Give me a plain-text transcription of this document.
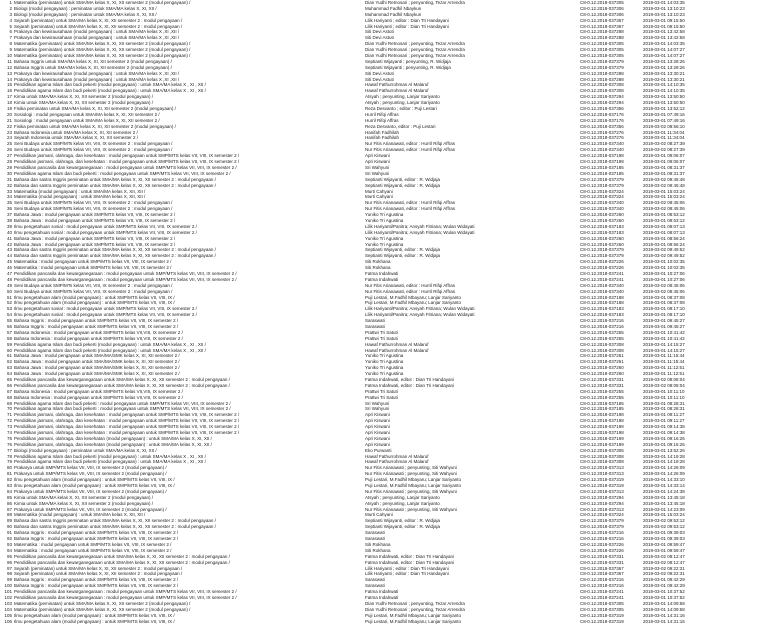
1 Matematika (peminatan) untuk SMA/MA kelas X, XI, XII semester 2 (modul pengayaan) /	Dian Yudhi Retnosari ; penyunting, Tezar Arrendra	C8-0.12.2018-037305	2019-03-01 14:03:35
2 Biologi (modul pengayaan) : peminatan untuk SMA/MA kelas X, XI, XII /	Muhammad Fadhil Nbaykun	C8-0.12.2018-037306	2019-03-01 13:10:23
3 Biologi (modul pengayaan) : peminatan untuk SMA/MA kelas X, XI, XII /	Muhammad Fadhil Nbaykun	C8-0.12.2018-037306	2019-03-01 13:10:23
4 Sejarah (peminatan) untuk SMA/MA kelas X, XI, XII semester 2 : modul pengayaan /	Lilik Hariyanti ; editor : Dian Tri Handayani	C8-0.12.2018-037367	2019-03-01 09:15:50
5 Sejarah (peminatan) untuk SMA/MA kelas X, XI, XII semester 2 : modul pengayaan /	Lilik Hariyanti ; editor : Dian Tri Handayani	C8-0.12.2018-037367	2019-03-01 09:15:50
6 Prakarya dan kewirausahaan (modul pengayaan) : untuk SMA/MA kelas X ,XI ,XII /	Siti Devi Astuti	C8-0.12.2018-037288	2019-03-01 13:42:58
7 Prakarya dan kewirausahaan (modul pengayaan) : untuk SMA/MA kelas X ,XI ,XII /	Siti Devi Astuti	C8-0.12.2018-037288	2019-03-01 13:42:58
8 Matematika (peminatan) untuk SMA/MA kelas X, XI, XII semester 2 (modul pengayaan) /	Dian Yudhi Retnosari ; penyunting, Tezar Arrendra	C8-0.12.2018-037305	2019-03-01 14:03:35
9 Matematika (peminatan) untuk SMA/MA kelas X, XI, XII semester 2 (modul pengayaan) /	Dian Yudhi Retnosari ; penyunting, Tezar Arrendra	C8-0.12.2018-037305	2019-03-01 14:07:27
10 Matematika (peminatan) untuk SMA/MA kelas X, XI, XII semester 2 (modul pengayaan) /	Dian Yudhi Retnosari ; penyunting, Tezar Arrendra	C8-0.12.2018-037305	2019-03-01 14:07:27
11 Bahasa Inggris untuk SMA/MA kelas X, XI, XII semester 2 (modul pengayaan) /	Septianti Wijayanti ; penyunting, R. Widjaja	C8-0.12.2018-037379	2019-03-01 13:28:26
12 Bahasa Inggris untuk SMA/MA kelas X, XI, XII semester 2 (modul pengayaan) /	Septianti Wijayanti ; penyunting, R. Widjaja	C8-0.12.2018-037379	2019-03-01 13:28:26
13 Prakarya dan kewirausahaan (modul pengayaan) : untuk SMA/MA kelas X ,XI ,XII /	Siti Devi Astuti	C8-0.12.2018-037288	2019-03-01 13:30:21
14 Prakarya dan kewirausahaan (modul pengayaan) : untuk SMA/MA kelas X ,XI ,XII /	Siti Devi Astuti	C8-0.12.2018-037288	2019-03-01 13:30:21
15 Pendidikan agama Islam dan budi pekerti (modul pengayaan) : untuk SMA/MA kelas X , XI , XII /	Hawaf Fathurrohman Al Malaruf	C8-0.12.2018-037308	2019-03-01 14:10:35
16 Pendidikan agama Islam dan budi pekerti (modul pengayaan) : untuk SMA/MA kelas X , XI , XII /	Hawaf Fathurrohman Al Malaruf	C8-0.12.2018-037308	2019-03-01 14:10:35
17 Kimia untuk SMA/MA kelas X, XI, XII semester 2 (modul pengayaan) /	Atsyah ; penyunting, Lanjar Sariyanto	C8-0.12.2018-037294	2019-03-01 13:50:50
18 Kimia untuk SMA/MA kelas X, XI, XII semester 2 (modul pengayaan) /	Atsyah ; penyunting, Lanjar Sariyanto	C8-0.12.2018-037294	2019-03-01 13:50:50
19 Fisika peminatan untuk SMA/MA kelas X, XI, XII semester 2 (modul pengayaan) /	Reza Desvanto ; editor : Puji Lestari	C8-0.12.2018-037356	2019-03-01 13:52:12
20 Sosiologi : modul pengayaan untuk SMA/MA kelas X, XI, XII semester 2 /	Hurril Rifqi Affras	C8-0.12.2018-037176	2019-03-01 07:49:16
21 Sosiologi : modul pengayaan untuk SMA/MA kelas X, XI, XII semester 2 /	Hurril Rifqi Affras	C8-0.12.2018-037176	2019-03-01 07:49:16
22 Fisika peminatan untuk SMA/MA kelas X, XI, XII semester 2 (modul pengayaan) /	Reza Desvanto, editor : Puji Lestari	C8-0.12.2018-037356	2019-03-02 08:56:10
23 Bahasa Indonesia untuk SMA/MA kelas X, XI, XII semester 2 /	Hanifah Fadhilah	C8-0.12.2018-037276	2019-03-01 11:34:04
24 Sejarah Indonesia untuk SMA/MA kelas X, XI, XII semester 2 /	Hanifah Fadhilah	C8-0.12.2018-037276	2019-03-01 11:34:04
25 Seni Budaya untuk SMP/MTs kelas VII, VIII, IX semester 2 : modul pengayaan /	Nur Fitis Arianawati, editor : Hurril Rifqi Affras	C8-0.12.2018-037340	2019-03-02 08:27:39
26 Seni Budaya untuk SMP/MTs kelas VII, VIII, IX semester 2 : modul pengayaan /	Nur Fitis Arianawati, editor : Hurril Rifqi Affras	C8-0.12.2018-037340	2019-03-02 08:27:39
27 Pendidikan jasmani, olahraga, dan kesehatan : modul pengayaan untuk SMP/MTS kelas VII, VIII, IX semester 2 /	Apri Kiswani	C8-0.12.2018-037198	2019-03-01 09:06:07
28 Pendidikan jasmani, olahraga, dan kesehatan : modul pengayaan untuk SMP/MTS kelas VII, VIII, IX semester 2 /	Apri Kiswani	C8-0.12.2018-037198	2019-03-01 09:06:07
29 Pendidikan pancasila dan kewarganegaraan : modul pengayaan untuk SMP/MTS kelas VII, VIII, IX semester 2 /	Sri Wahyuni	C8-0.12.2018-037185	2019-03-01 08:31:37
30 Pendidikan agama Islam dan budi pekerti : modul pengayaan untuk SMP/MTS kelas VII, VIII, IX semester 2 /	Sri Wahyuni	C8-0.12.2018-037185	2019-03-01 08:31:37
31 Bahasa dan sastra Inggris peminatan untuk SMA/MA kelas X, XI, XII semester 2 : modul pengayaan /	Septianti Wijayanti, editor : R. Widjaja	C8-0.12.2018-037379	2019-03-02 09:45:48
32 Bahasa dan sastra Inggris peminatan untuk SMA/MA kelas X, XI, XII semester 2 : modul pengayaan /	Septianti Wijayanti, editor : R. Widjaja	C8-0.12.2018-037379	2019-03-02 09:45:48
33 Matematika (modul pengayaan) : untuk SMA/MA kelas X, XII, XII /	Murti Cahyani	C8-0.12.2018-037324	2019-03-01 15:03:24
34 Matematika (modul pengayaan) : untuk SMA/MA kelas X, XII, XII /	Murti Cahyani	C8-0.12.2018-037324	2019-03-01 15:03:24
35 Seni Budaya untuk SMP/MTs kelas VII, VIII, IX semester 2 : modul pengayaan /	Nur Fitis Arianawati, editor : Hurril Rifqi Affras	C8-0.12.2018-037340	2019-03-02 08:45:06
36 Seni Budaya untuk SMP/MTs kelas VII, VIII, IX semester 2 : modul pengayaan /	Nur Fitis Arianawati, editor : Hurril Rifqi Affras	C8-0.12.2018-037340	2019-03-02 08:45:06
37 Bahasa Jawa : modul pengayaan untuk SMP/MTS kelas VII, VIII, IX semester 2 /	Yuniko Tri Agustina	C8-0.12.2018-037260	2019-03-01 08:53:12
38 Bahasa Jawa : modul pengayaan untuk SMP/MTS kelas VII, VIII, IX semester 2 /	Yuniko Tri Agustina	C8-0.12.2018-037260	2019-03-01 08:53:12
39 Ilmu pengetahuan sosial : modul pengayaan untuk SMP/MTS kelas VII, VIII, IX semester 2 /	Lilik Hariyanti/Panitra; Ansyah Fitriana; Wulan Widayati	C8-0.12.2018-037183	2019-03-01 08:07:13
40 Ilmu pengetahuan sosial : modul pengayaan untuk SMP/MTS kelas VII, VIII, IX semester 2 /	Lilik Hariyanti/Panitra; Ansyah Fitriana; Wulan Widayati	C8-0.12.2018-037183	2019-03-01 08:07:13
41 Bahasa Jawa : modul pengayaan untuk SMP/MTS kelas VII, VIII, IX semester 2 /	Yuniko Tri Agustina	C8-0.12.2018-037260	2019-03-01 08:56:24
42 Bahasa Jawa : modul pengayaan untuk SMP/MTS kelas VII, VIII, IX semester 2 /	Yuniko Tri Agustina	C8-0.12.2018-037260	2019-03-01 08:56:24
43 Bahasa dan sastra Inggris peminatan untuk SMA/MA kelas X, XI, XII semester 2 : modul pengayaan /	Septianti Wijayanti, editor : R. Widjaja	C8-0.12.2018-037379	2019-03-02 09:49:52
44 Bahasa dan sastra Inggris peminatan untuk SMA/MA kelas X, XI, XII semester 2 : modul pengayaan /	Septianti Wijayanti, editor : R. Widjaja	C8-0.12.2018-037379	2019-03-02 09:49:52
45 Matematika : modul pengayaan untuk SMP/MTS kelas VII, VIII, IX semester 2 /	Siti Rokhana	C8-0.12.2018-037226	2019-03-01 10:02:35
46 Matematika : modul pengayaan untuk SMP/MTS kelas VII, VIII, IX semester 2 /	Siti Rokhana	C8-0.12.2018-037226	2019-03-01 10:02:35
47 Pendidikan pancasila dan kewarganegaraan : modul pengayaan untuk SMP/MTS kelas VII, VIII, IX semester 2 /	Fatma Indahwati	C8-0.12.2018-037241	2019-03-01 10:27:06
48 Pendidikan pancasila dan kewarganegaraan : modul pengayaan untuk SMP/MTS kelas VII, VIII, IX semester 2 /	Fatma Indahwati	C8-0.12.2018-037241	2019-03-01 10:27:06
49 Seni Budaya untuk SMP/MTs kelas VII, VIII, IX semester 2 : modul pengayaan /	Nur Fitis Arianawati, editor : Hurril Rifqi Affras	C8-0.12.2018-037340	2019-03-02 08:45:06
50 Seni Budaya untuk SMP/MTs kelas VII, VIII, IX semester 2 : modul pengayaan /	Nur Fitis Arianawati, editor : Hurril Rifqi Affras	C8-0.12.2018-037340	2019-03-02 08:45:06
51 Ilmu pengetahuan alam (modul pengayaan) : untuk SMP/MTS kelas VII, VIII, IX /	Puji Lestari, M.Fadhil Mbayaru; Lanjar Sariyanto	C8-0.12.2018-037188	2019-03-01 08:37:08
52 Ilmu pengetahuan alam (modul pengayaan) : untuk SMP/MTS kelas VII, VIII, IX /	Puji Lestari, M.Fadhil Mbayaru; Lanjar Sariyanto	C8-0.12.2018-037188	2019-03-01 08:37:08
53 Ilmu pengetahuan sosial : modul pengayaan untuk SMP/MTS kelas VII, VIII, IX semester 2 /	Lilik Hariyanti/Panitra; Ansyah Fitriana; Wulan Widayati	C8-0.12.2018-037183	2019-03-01 08:17:10
54 Ilmu pengetahuan sosial : modul pengayaan untuk SMP/MTS kelas VII, VIII, IX semester 2 /	Lilik Hariyanti/Panitra; Ansyah Fitriana; Wulan Widayati	C8-0.12.2018-037183	2019-03-01 08:17:10
55 Bahasa Inggris : modul pengayaan untuk SMP/MTS kelas VII, VIII, IX semester 2 /	Saraswati	C8-0.12.2018-037216	2019-03-01 09:45:27
56 Bahasa Inggris : modul pengayaan untuk SMP/MTS kelas VII, VIII, IX semester 2 /	Saraswati	C8-0.12.2018-037216	2019-03-01 09:45:27
57 Bahasa Indonesia : modul pengayaan untuk SMP/MTS kelas VII,VIII, IX semester 2 /	Prattwi Tri Satuti	C8-0.12.2018-037255	2019-03-01 10:41:42
58 Bahasa Indonesia : modul pengayaan untuk SMP/MTS kelas VII,VIII, IX semester 2 /	Prattwi Tri Satuti	C8-0.12.2018-037255	2019-03-01 10:41:42
59 Pendidikan agama Islam dan budi pekerti (modul pengayaan) : untuk SMA/MA kelas X , XI , XII /	Hawaf Fathurrohman Al Malaruf	C8-0.12.2018-037308	2019-03-01 14:15:27
60 Pendidikan agama Islam dan budi pekerti (modul pengayaan) : untuk SMA/MA kelas X , XI , XII /	Hawaf Fathurrohman Al Malaruf	C8-0.12.2018-037308	2019-03-01 14:15:27
61 Bahasa Jawa : modul pengayaan untuk SMA/MA/SMK kelas X, XI, XII semester 2 /	Yuniko Tri Agustina	C8-0.12.2018-037261	2019-03-01 11:15:44
62 Bahasa Jawa : modul pengayaan untuk SMA/MA/SMK kelas X, XI, XII semester 2 /	Yuniko Tri Agustina	C8-0.12.2018-037261	2019-03-01 11:15:44
63 Bahasa Jawa : modul pengayaan untuk SMA/MA/SMK kelas X, XI, XII semester 2 /	Yuniko Tri Agustina	C8-0.12.2018-037260	2019-03-01 11:12:51
64 Bahasa Jawa : modul pengayaan untuk SMA/MA/SMK kelas X, XI, XII semester 2 /	Yuniko Tri Agustina	C8-0.12.2018-037260	2019-03-01 11:12:51
65 Pendidikan pancasila dan kewarganegaraan untuk SMA/MA kelas X, XI, XII semester 2 : modul pengayaan /	Fatma Indahwati, editor : Dian Tri Handayani	C8-0.12.2018-037331	2019-03-02 08:08:04
66 Pendidikan pancasila dan kewarganegaraan untuk SMA/MA kelas X, XI, XII semester 2 : modul pengayaan /	Fatma Indahwati, editor : Dian Tri Handayani	C8-0.12.2018-037331	2019-03-02 08:08:04
67 Bahasa Indonesia : modul pengayaan untuk SMP/MTS kelas VII,VIII, IX semester 2 /	Prattwi Tri Satuti	C8-0.12.2018-037255	2019-03-01 10:11:10
68 Bahasa Indonesia : modul pengayaan untuk SMP/MTS kelas VII,VIII, IX semester 2 /	Prattwi Tri Satuti	C8-0.12.2018-037255	2019-03-01 10:11:10
69 Pendidikan agama Islam dan budi pekerti : modul pengayaan untuk SMP/MTS kelas VII, VIII, IX semester 2 /	Sri Wahyuni	C8-0.12.2018-037185	2019-03-01 08:28:31
70 Pendidikan agama Islam dan budi pekerti : modul pengayaan untuk SMP/MTS kelas VII, VIII, IX semester 2 /	Sri Wahyuni	C8-0.12.2018-037185	2019-03-01 08:28:31
71 Pendidikan jasmani, olahraga, dan kesehatan : modul pengayaan untuk SMP/MTS kelas VII, VIII, IX semester 2 /	Apri Kiswani	C8-0.12.2018-037198	2019-03-01 09:11:27
72 Pendidikan jasmani, olahraga, dan kesehatan : modul pengayaan untuk SMP/MTS kelas VII, VIII, IX semester 2 /	Apri Kiswani	C8-0.12.2018-037198	2019-03-01 09:11:27
73 Pendidikan jasmani, olahraga, dan kesehatan : modul pengayaan untuk SMP/MTS kelas VII, VIII, IX semester 2 /	Apri Kiswani	C8-0.12.2018-037198	2019-03-01 09:14:38
74 Pendidikan jasmani, olahraga, dan kesehatan : modul pengayaan untuk SMP/MTS kelas VII, VIII, IX semester 2 /	Apri Kiswani	C8-0.12.2018-037198	2019-03-01 09:14:38
75 Pendidikan jasmani, olahraga, dan kesehatan (modul pengayaan) : untuk SMA/MA kelas X, XI, XII /	Apri Kiswani	C8-0.12.2018-037199	2019-03-01 09:16:26
76 Pendidikan jasmani, olahraga, dan kesehatan (modul pengayaan) : untuk SMA/MA kelas X, XI, XII /	Apri Kiswani	C8-0.12.2018-037199	2019-03-01 09:16:26
77 Biologi (modul pengayaan) : peminatan untuk SMA/MA kelas X, XI, XII /	Eko Purwanti	C8-0.12.2018-037306	2019-03-01 13:52:26
78 Pendidikan agama Islam dan budi pekerti (modul pengayaan) : untuk SMA/MA kelas X , XI , XII /	Hawaf Fathurrohman Al Malaruf	C8-0.12.2018-037308	2019-03-01 14:19:28
79 Pendidikan agama Islam dan budi pekerti (modul pengayaan) : untuk SMA/MA kelas X , XI , XII /	Hawaf Fathurrohman Al Malaruf	C8-0.12.2018-037308	2019-03-01 14:19:28
80 Prakarya untuk SMP/MTS kelas VII, VIII, IX semester 2 (modul pengayaan) /	Nur Fitis Arianawati ; penyunting, Siti Wahyuni	C8-0.12.2018-037313	2019-03-01 14:26:09
81 Prakarya untuk SMP/MTS kelas VII, VIII, IX semester 2 (modul pengayaan) /	Nur Fitis Arianawati ; penyunting, Siti Wahyuni	C8-0.12.2018-037313	2019-03-01 14:26:09
82 Ilmu pengetahuan alam (modul pengayaan) : untuk SMP/MTS kelas VII, VIII, IX /	Puji Lestari, M.Fadhil Mbayaru; Lanjar Sariyanto	C8-0.12.2018-037319	2019-03-01 14:33:10
83 Ilmu pengetahuan alam (modul pengayaan) : untuk SMP/MTS kelas VII, VIII, IX /	Puji Lestari, M.Fadhil Mbayaru; Lanjar Sariyanto	C8-0.12.2018-037319	2019-03-01 14:33:14
84 Prakarya untuk SMP/MTS kelas VII, VIII, IX semester 2 (modul pengayaan) /	Nur Fitis Arianawati ; penyunting, Siti Wahyuni	C8-0.12.2018-037313	2019-03-01 14:24:38
85 Kimia untuk SMA/MA kelas X, XI, XII semester 2 (modul pengayaan) /	Atsyah ; penyunting, Lanjar Sariyanto	C8-0.12.2018-037294	2019-03-01 13:45:18
86 Kimia untuk SMA/MA kelas X, XI, XII semester 2 (modul pengayaan) /	Atsyah ; penyunting, Lanjar Sariyanto	C8-0.12.2018-037294	2019-03-01 13:45:18
87 Prakarya untuk SMP/MTS kelas VII, VIII, IX semester 2 (modul pengayaan) /	Nur Fitis Arianawati ; penyunting, Siti Wahyuni	C8-0.12.2018-037313	2019-03-01 14:23:09
88 Matematika (modul pengayaan) : untuk SMA/MA kelas X, XII, XII /	Murti Cahyani	C8-0.12.2018-037324	2019-03-01 15:03:24
89 Bahasa dan sastra Inggris peminatan untuk SMA/MA kelas X, XI, XII semester 2 : modul pengayaan /	Septianti Wijayanti, editor : R. Widjaja	C8-0.12.2018-037379	2019-03-02 09:53:12
90 Bahasa dan sastra Inggris peminatan untuk SMA/MA kelas X, XI, XII semester 2 : modul pengayaan /	Septianti Wijayanti, editor : R. Widjaja	C8-0.12.2018-037379	2019-03-02 09:53:12
91 Bahasa Inggris : modul pengayaan untuk SMP/MTS kelas VII, VIII, IX semester 2 /	Saraswati	C8-0.12.2018-037216	2019-03-01 09:39:03
92 Bahasa Inggris : modul pengayaan untuk SMP/MTS kelas VII, VIII, IX semester 2 /	Saraswati	C8-0.12.2018-037216	2019-03-01 09:39:03
93 Matematika : modul pengayaan untuk SMP/MTS kelas VII, VIII, IX semester 2 /	Siti Rokhana	C8-0.12.2018-037226	2019-03-01 09:59:47
94 Matematika : modul pengayaan untuk SMP/MTS kelas VII, VIII, IX semester 2 /	Siti Rokhana	C8-0.12.2018-037226	2019-03-01 09:59:47
95 Pendidikan pancasila dan kewarganegaraan untuk SMA/MA kelas X, XI, XII semester 2 : modul pengayaan /	Fatma Indahwati, editor : Dian Tri Handayani	C8-0.12.2018-037331	2019-03-02 08:12:47
96 Pendidikan pancasila dan kewarganegaraan untuk SMA/MA kelas X, XI, XII semester 2 : modul pengayaan /	Fatma Indahwati, editor : Dian Tri Handayani	C8-0.12.2018-037331	2019-03-02 08:12:47
97 Sejarah (peminatan) untuk SMA/MA kelas X, XI, XII semester 2 : modul pengayaan /	Lilik Hariyanti ; editor : Dian Tri Handayani	C8-0.12.2018-037367	2019-03-02 09:22:31
98 Sejarah (peminatan) untuk SMA/MA kelas X, XI, XII semester 2 : modul pengayaan /	Lilik Hariyanti ; editor : Dian Tri Handayani	C8-0.12.2018-037367	2019-03-02 09:22:31
99 Bahasa Inggris : modul pengayaan untuk SMP/MTS kelas VII, VIII, IX semester 2 /	Saraswati	C8-0.12.2018-037216	2019-03-01 09:42:29
100 Bahasa Inggris : modul pengayaan untuk SMP/MTS kelas VII, VIII, IX semester 2 /	Saraswati	C8-0.12.2018-037216	2019-03-01 09:42:29
101 Pendidikan pancasila dan kewarganegaraan : modul pengayaan untuk SMP/MTS kelas VII, VIII, IX semester 2 /	Fatma Indahwati	C8-0.12.2018-037241	2019-03-01 10:37:52
102 Pendidikan pancasila dan kewarganegaraan : modul pengayaan untuk SMP/MTS kelas VII, VIII, IX semester 2 /	Fatma Indahwati	C8-0.12.2018-037241	2019-03-01 10:37:52
103 Matematika (peminatan) untuk SMA/MA kelas X, XI, XII semester 2 (modul pengayaan) /	Dian Yudhi Retnosari ; penyunting, Tezar Arrendra	C8-0.12.2018-037305	2019-03-01 14:09:58
104 Matematika (peminatan) untuk SMA/MA kelas X, XI, XII semester 2 (modul pengayaan) /	Dian Yudhi Retnosari ; penyunting, Tezar Arrendra	C8-0.12.2018-037305	2019-03-01 14:09:58
105 Ilmu pengetahuan alam (modul pengayaan) : untuk SMP/MTS kelas VII, VIII, IX /	Puji Lestari, M.Fadhil Mbayaru; Lanjar Sariyanto	C8-0.12.2018-037319	2019-03-01 14:31:16
106 Ilmu pengetahuan alam (modul pengayaan) : untuk SMP/MTS kelas VII, VIII, IX /	Puji Lestari, M.Fadhil Mbayaru; Lanjar Sariyanto	C8-0.12.2018-037319	2019-03-01 14:31:16
